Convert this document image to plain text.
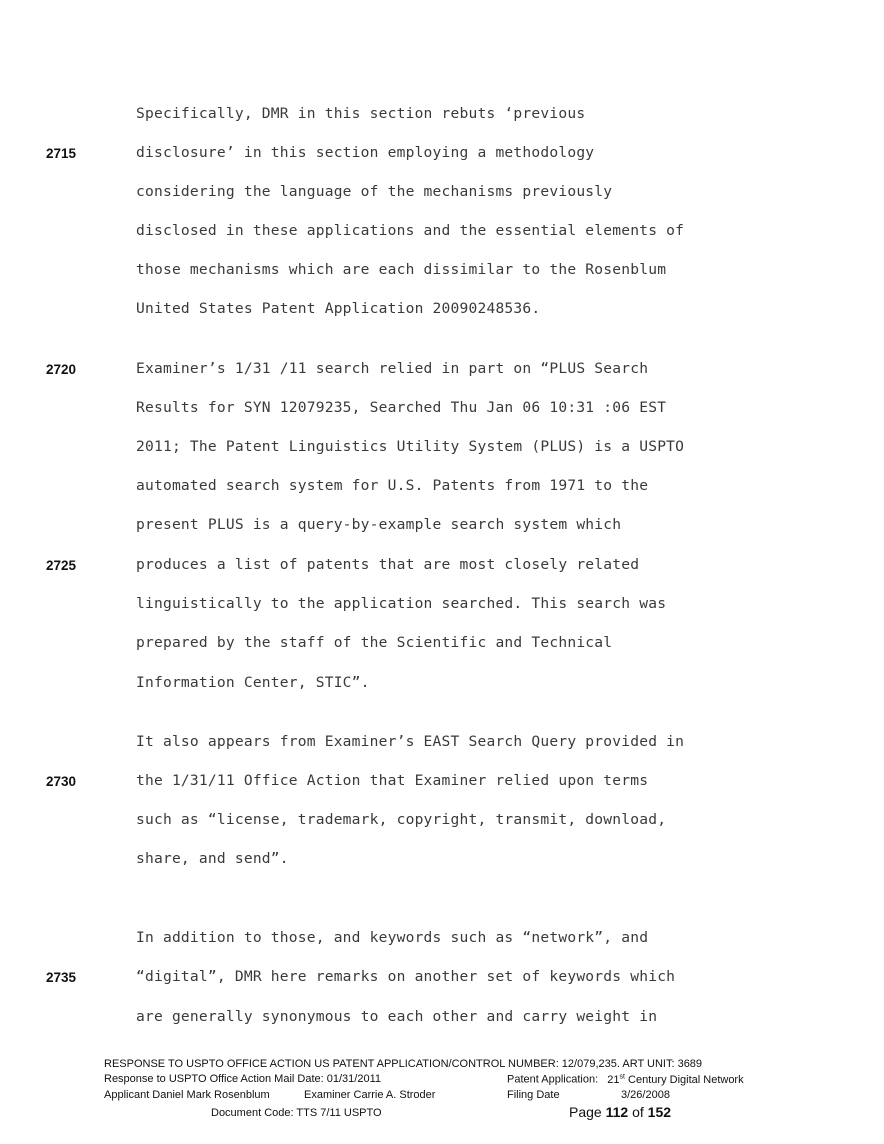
Specifically, DMR in this section rebuts ‘previous
disclosure’ in this section employing a methodology
considering the language of the mechanisms previously
disclosed in these applications and the essential elements of
those mechanisms which are each dissimilar to the Rosenblum
United States Patent Application 20090248536.
Examiner’s 1/31 /11 search relied in part on “PLUS Search
Results for SYN 12079235, Searched Thu Jan 06 10:31 :06 EST
2011; The Patent Linguistics Utility System (PLUS) is a USPTO
automated search system for U.S. Patents from 1971 to the
present PLUS is a query-by-example search system which
produces a list of patents that are most closely related
linguistically to the application searched. This search was
prepared by the staff of the Scientific and Technical
Information Center, STIC”.
It also appears from Examiner’s EAST Search Query provided in
the 1/31/11 Office Action that Examiner relied upon terms
such as “license, trademark, copyright, transmit, download,
share, and send”.
In addition to those, and keywords such as “network”, and
“digital”, DMR here remarks on another set of keywords which
are generally synonymous to each other and carry weight in
2715
2720
2725
2730
2735
RESPONSE TO USPTO OFFICE ACTION US PATENT APPLICATION/CONTROL NUMBER: 12/079,235. ART UNIT: 3689
Response to USPTO Office Action Mail Date: 01/31/2011	Patent Application: 21st Century Digital Network
Applicant Daniel Mark Rosenblum	Examiner Carrie A. Stroder	Filing Date	3/26/2008
Document Code: TTS 7/11 USPTO	Page 112 of 152
